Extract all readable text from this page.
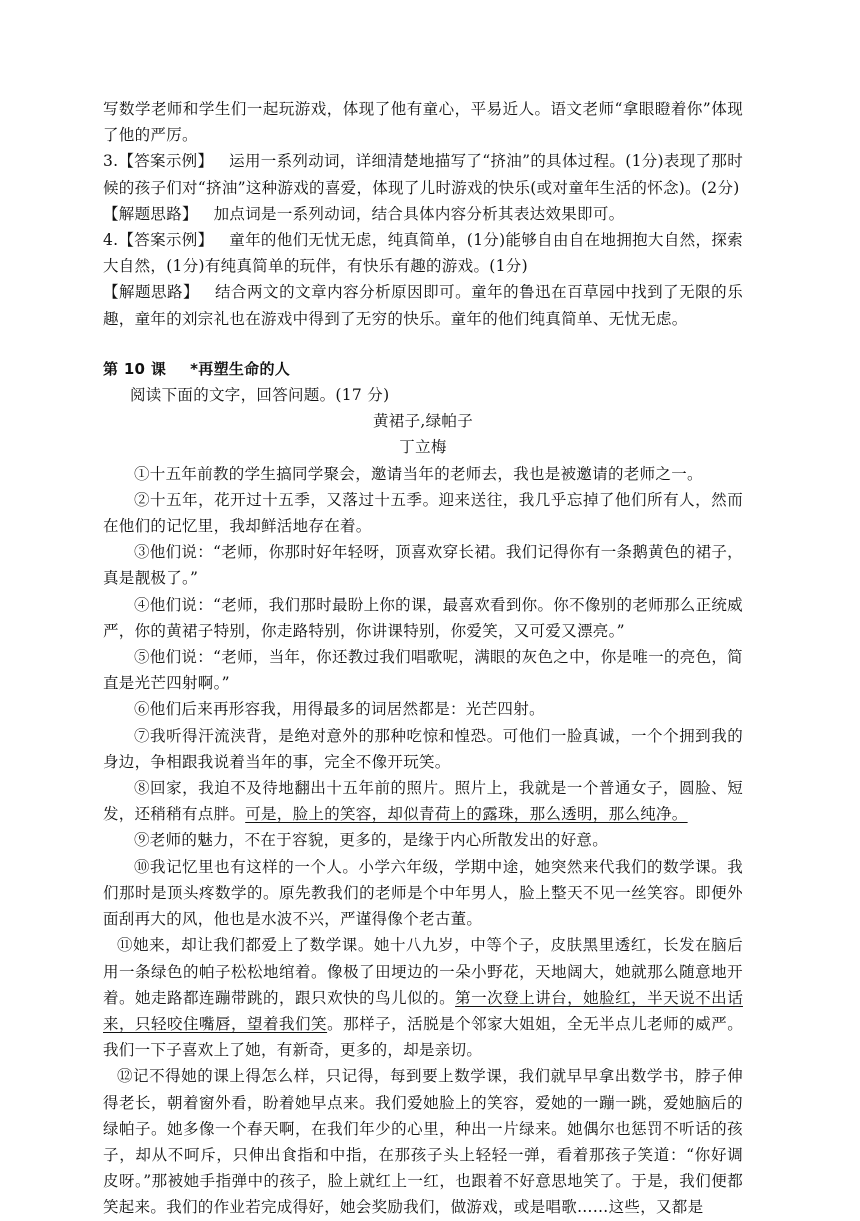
写数学老师和学生们一起玩游戏，体现了他有童心，平易近人。语文老师“拿眼瞪着你”体现了他的严厉。

3.【答案示例】  运用一系列动词，详细清楚地描写了“挤油”的具体过程。(1分)表现了那时候的孩子们对“挤油”这种游戏的喜爱，体现了儿时游戏的快乐(或对童年生活的怀念)。(2分)

【解题思路】  加点词是一系列动词，结合具体内容分析其表达效果即可。

4.【答案示例】  童年的他们无忧无虑，纯真简单，(1分)能够自由自在地拥抱大自然，探索大自然，(1分)有纯真简单的玩伴，有快乐有趣的游戏。(1分)

【解题思路】  结合两文的文章内容分析原因即可。童年的鲁迅在百草园中找到了无限的乐趣，童年的刘宗礼也在游戏中得到了无穷的快乐。童年的他们纯真简单、无忧无虑。

第 10 课 *再塑生命的人

阅读下面的文字，回答问题。(17 分)

黄裙子,绿帕子

丁立梅

①十五年前教的学生搞同学聚会，邀请当年的老师去，我也是被邀请的老师之一。

②十五年，花开过十五季，又落过十五季。迎来送往，我几乎忘掉了他们所有人，然而在他们的记忆里，我却鲜活地存在着。

③他们说：“老师，你那时好年轻呀，顶喜欢穿长裙。我们记得你有一条鹅黄色的裙子，真是靓极了。”

④他们说：“老师，我们那时最盼上你的课，最喜欢看到你。你不像别的老师那么正统威严，你的黄裙子特别，你走路特别，你讲课特别，你爱笑，又可爱又漂亮。”

⑤他们说：“老师，当年，你还教过我们唱歌呢，满眼的灰色之中，你是唯一的亮色，简直是光芒四射啊。”

⑥他们后来再形容我，用得最多的词居然都是：光芒四射。

⑦我听得汗流浃背，是绝对意外的那种吃惊和惶恐。可他们一脸真诚，一个个拥到我的身边，争相跟我说着当年的事，完全不像开玩笑。

⑧回家，我迫不及待地翻出十五年前的照片。照片上，我就是一个普通女子，圆脸、短发，还稍稍有点胖。可是，脸上的笑容，却似青荷上的露珠，那么透明，那么纯净。

⑨老师的魅力，不在于容貌，更多的，是缘于内心所散发出的好意。

⑩我记忆里也有这样的一个人。小学六年级，学期中途，她突然来代我们的数学课。我们那时是顶头疼数学的。原先教我们的老师是个中年男人，脸上整天不见一丝笑容。即便外面刮再大的风，他也是水波不兴，严谨得像个老古董。

⑪她来，却让我们都爱上了数学课。她十八九岁，中等个子，皮肤黑里透红，长发在脑后用一条绿色的帕子松松地绾着。像极了田埂边的一朵小野花，天地阔大，她就那么随意地开着。她走路都连蹦带跳的，跟只欢快的鸟儿似的。第一次登上讲台，她脸红，半天说不出话来，只轻咬住嘴唇，望着我们笑。那样子，活脱是个邻家大姐姐，全无半点儿老师的威严。我们一下子喜欢上了她，有新奇，更多的，却是亲切。

⑫记不得她的课上得怎么样，只记得，每到要上数学课，我们就早早拿出数学书，脖子伸得老长，朝着窗外看，盼着她早点来。我们爱她脸上的笑容，爱她的一蹦一跳，爱她脑后的绿帕子。她多像一个春天啊，在我们年少的心里，种出一片绿来。她偶尔也惩罚不听话的孩子，却从不呵斥，只伸出食指和中指，在那孩子头上轻轻一弹，看着那孩子笑道：“你好调皮呀。”那被她手指弹中的孩子，脸上就红上一红，也跟着不好意思地笑了。于是，我们便都笑起来。我们的作业若完成得好，她会奖励我们，做游戏，或是唱歌……这些，又都是
